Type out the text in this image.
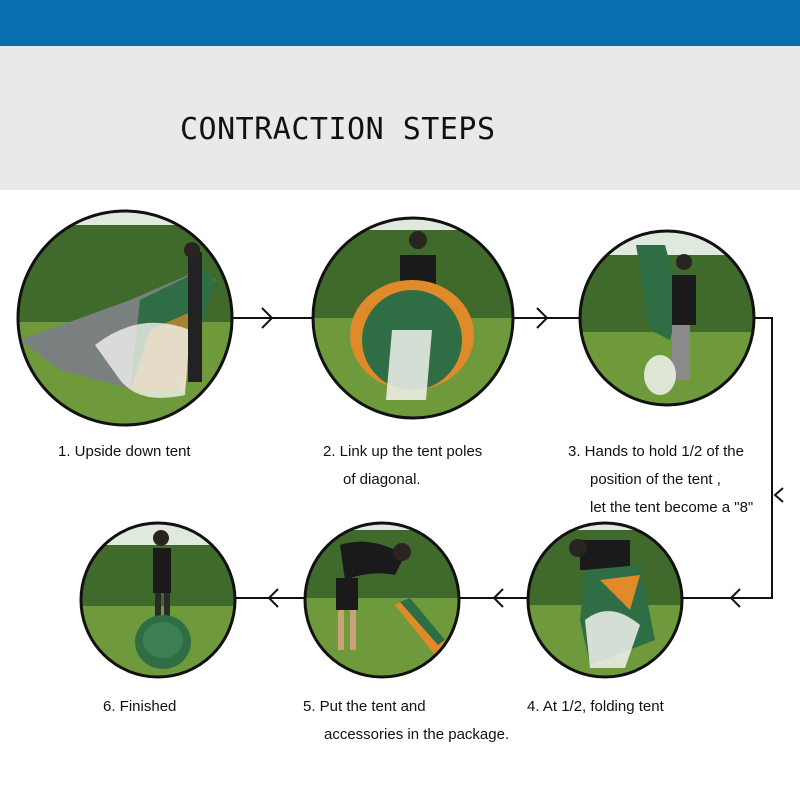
CONTRACTION STEPS
1. Upside down tent	2. Link up the tent poles
of diagonal.
3. Hands to hold 1/2 of the
position of the tent ,
let the tent become a "8"
4. At 1/2, folding tent
5. Put the tent and
accessories in the package.
6. Finished
